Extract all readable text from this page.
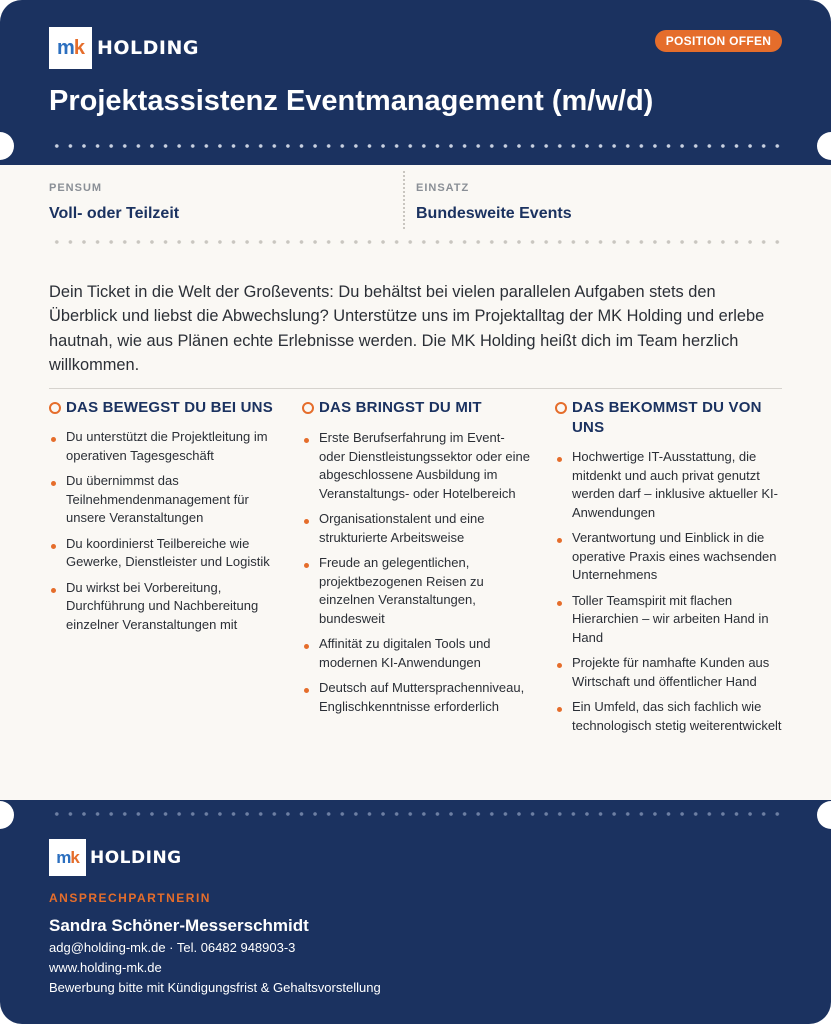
m k HOLDING	POSITION OFFEN
Projektassistenz Eventmanagement (m/w/d)
PENSUM
Voll- oder Teilzeit
EINSATZ
Bundesweite Events

Dein Ticket in die Welt der Großevents: Du behältst bei vielen parallelen Aufgaben stets den Überblick und liebst die Abwechslung? Unterstütze uns im Projektalltag der MK Holding und erlebe hautnah, wie aus Plänen echte Erlebnisse werden. Die MK Holding heißt dich im Team herzlich willkommen.

DAS BEWEGST DU BEI UNS
Du unterstützt die Projektleitung im operativen Tagesgeschäft
Du übernimmst das Teilnehmendenmanagement für unsere Veranstaltungen
Du koordinierst Teilbereiche wie Gewerke, Dienstleister und Logistik
Du wirkst bei Vorbereitung, Durchführung und Nachbereitung einzelner Veranstaltungen mit
DAS BRINGST DU MIT
Erste Berufserfahrung im Event- oder Dienstleistungssektor oder eine abgeschlossene Ausbildung im Veranstaltungs- oder Hotelbereich
Organisationstalent und eine strukturierte Arbeitsweise
Freude an gelegentlichen, projektbezogenen Reisen zu einzelnen Veranstaltungen, bundesweit
Affinität zu digitalen Tools und modernen KI-Anwendungen
Deutsch auf Muttersprachenniveau, Englischkenntnisse erforderlich
DAS BEKOMMST DU VON UNS
Hochwertige IT-Ausstattung, die mitdenkt und auch privat genutzt werden darf – inklusive aktueller KI-Anwendungen
Verantwortung und Einblick in die operative Praxis eines wachsenden Unternehmens
Toller Teamspirit mit flachen Hierarchien – wir arbeiten Hand in Hand
Projekte für namhafte Kunden aus Wirtschaft und öffentlicher Hand
Ein Umfeld, das sich fachlich wie technologisch stetig weiterentwickelt
m k HOLDING
ANSPRECHPARTNERIN
Sandra Schöner-Messerschmidt
adg@holding-mk.de · Tel. 06482 948903-3
www.holding-mk.de
Bewerbung bitte mit Kündigungsfrist & Gehaltsvorstellung
